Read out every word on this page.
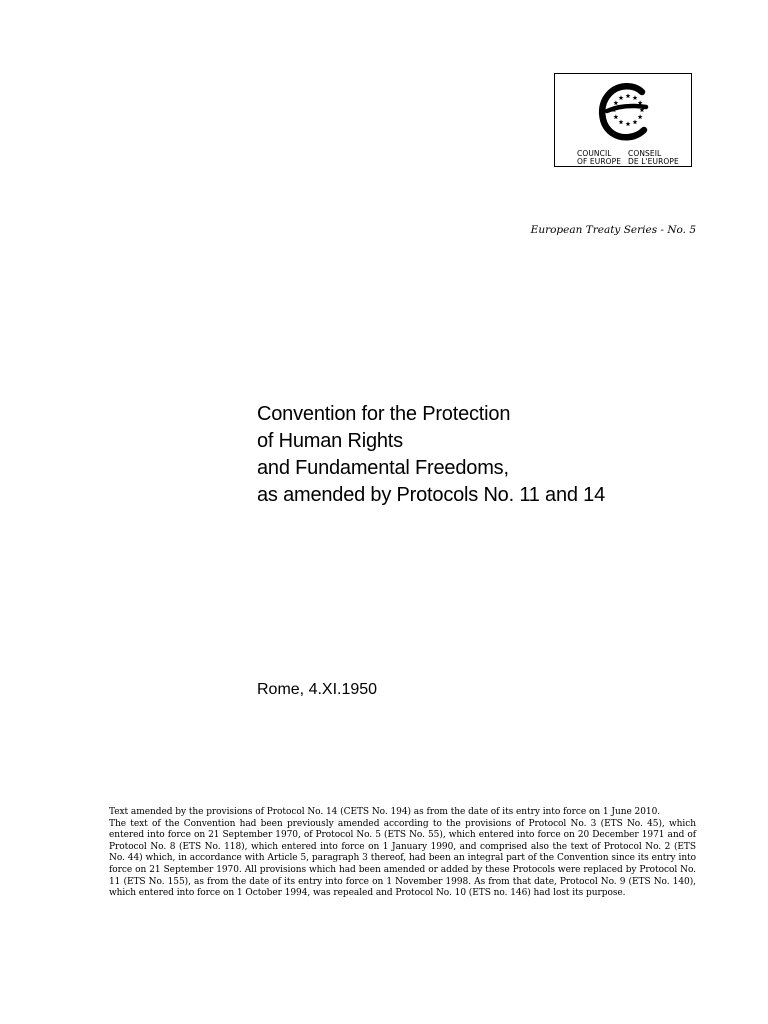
COUNCIL
OF EUROPE
CONSEIL
DE L'EUROPE
European Treaty Series - No. 5
Convention for the Protection
of Human Rights
and Fundamental Freedoms,
as amended by Protocols No. 11 and 14
Rome, 4.XI.1950

Text amended by the provisions of Protocol No. 14 (CETS No. 194) as from the date of its entry into force on 1 June 2010.

The text of the Convention had been previously amended according to the provisions of Protocol No. 3 (ETS No. 45), which entered into force on 21 September 1970, of Protocol No. 5 (ETS No. 55), which entered into force on 20 December 1971 and of Protocol No. 8 (ETS No. 118), which entered into force on 1 January 1990, and comprised also the text of Protocol No. 2 (ETS No. 44) which, in accordance with Article 5, paragraph 3 thereof, had been an integral part of the Convention since its entry into force on 21 September 1970. All provisions which had been amended or added by these Protocols were replaced by Protocol No. 11 (ETS No. 155), as from the date of its entry into force on 1 November 1998. As from that date, Protocol No. 9 (ETS No. 140), which entered into force on 1 October 1994, was repealed and Protocol No. 10 (ETS no. 146) had lost its purpose.
